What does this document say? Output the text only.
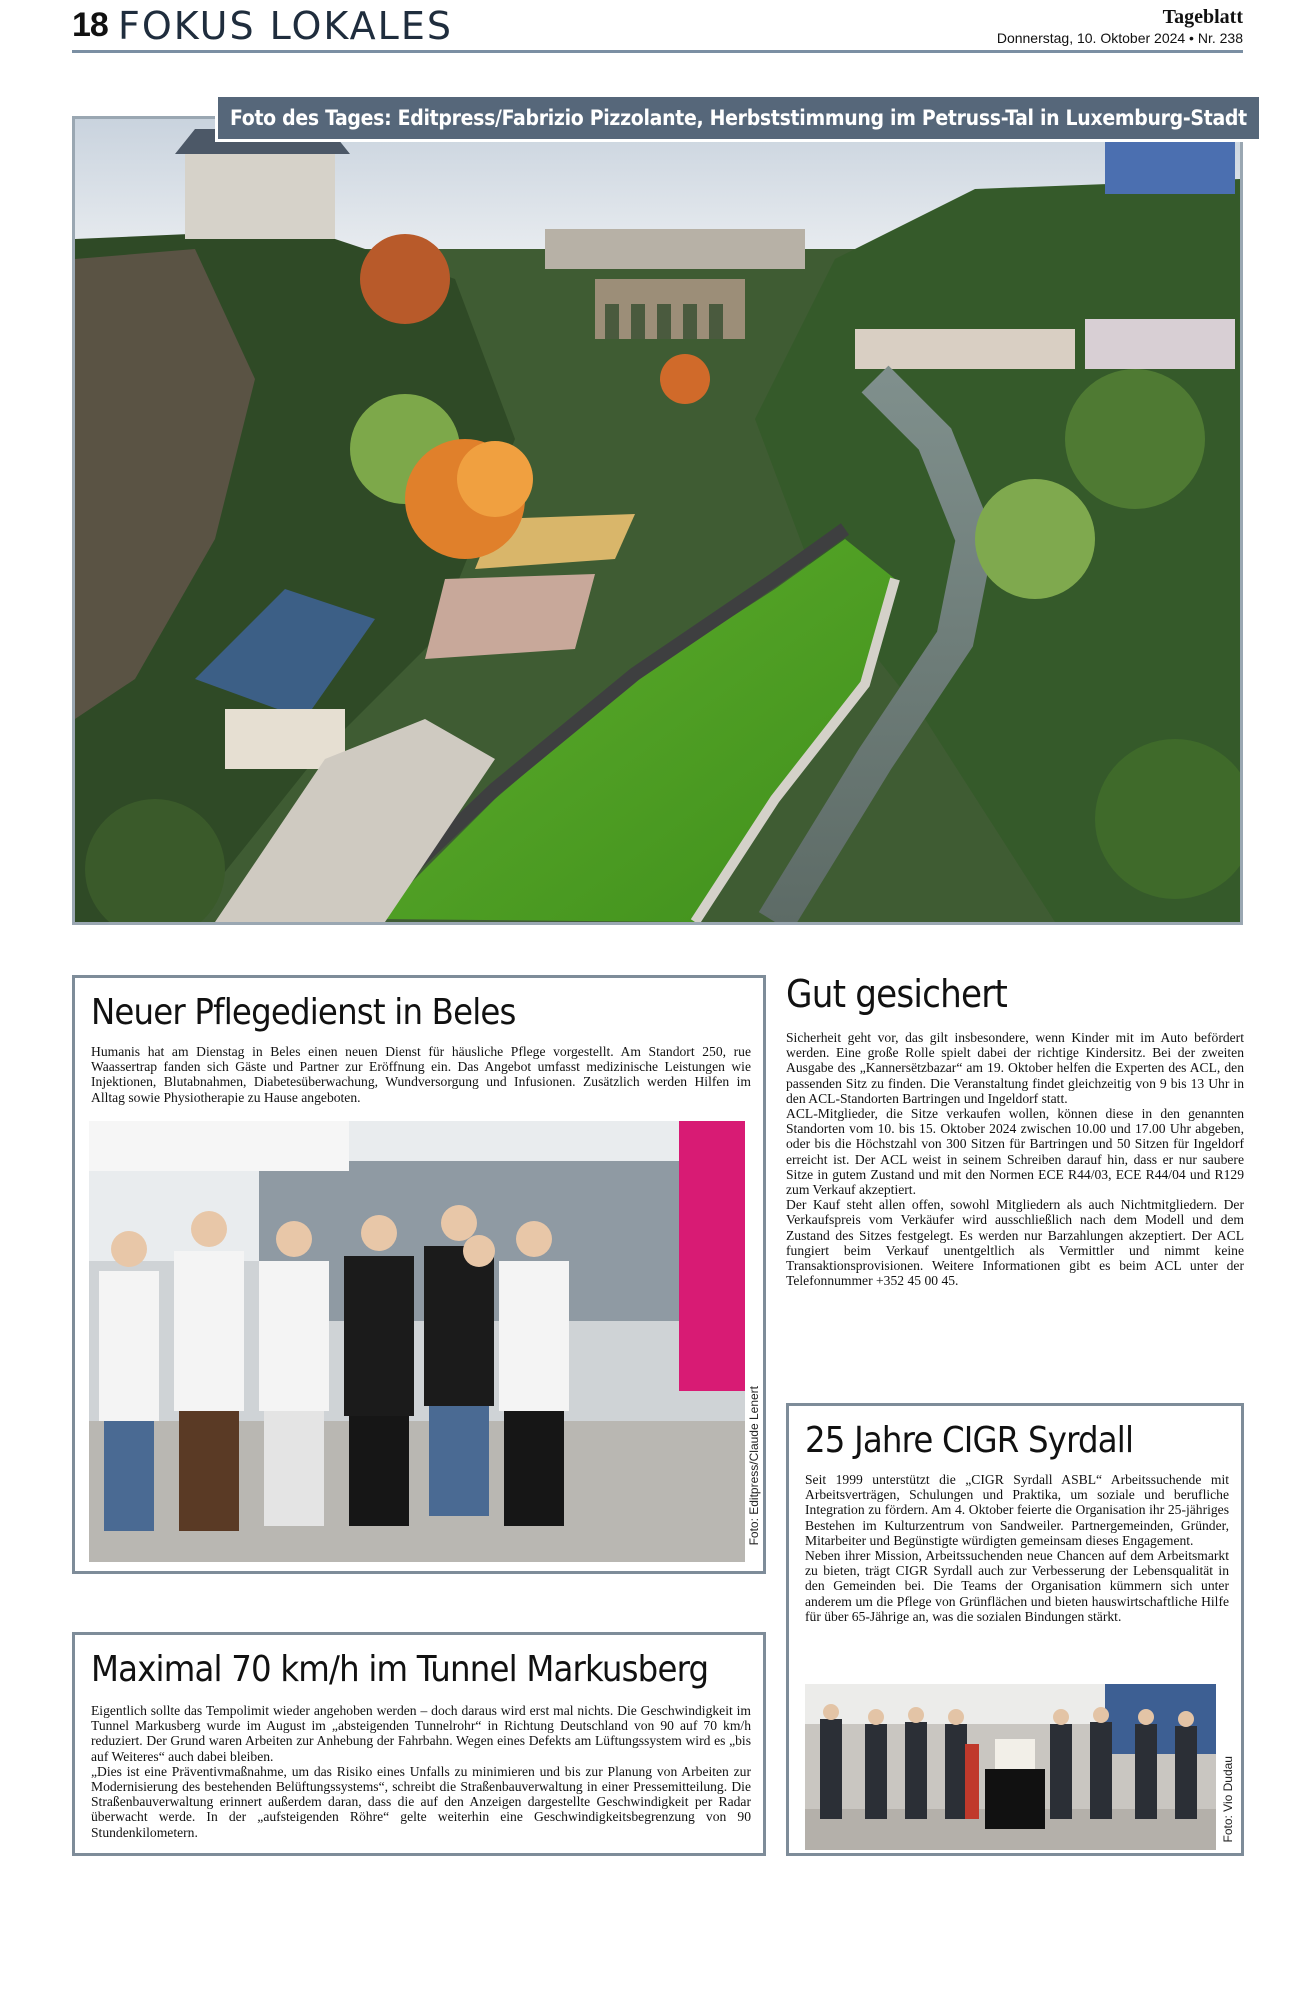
18 FOKUS LOKALES	Tageblatt
Donnerstag, 10. Oktober 2024 • Nr. 238
Foto des Tages: Editpress/Fabrizio Pizzolante, Herbststimmung im Petruss-Tal in Luxemburg-Stadt
Neuer Pflegedienst in Beles

Humanis hat am Dienstag in Beles einen neuen Dienst für häusliche Pflege vorgestellt. Am Standort 250, rue Waassertrap fanden sich Gäste und Partner zur Eröffnung ein. Das Angebot umfasst medizinische Leistungen wie Injektionen, Blutabnahmen, Diabetesüberwachung, Wundversorgung und Infusionen. Zusätzlich werden Hilfen im Alltag sowie Physiotherapie zu Hause angeboten.

Foto: Editpress/Claude Lenert
Gut gesichert

Sicherheit geht vor, das gilt insbesondere, wenn Kinder mit im Auto befördert werden. Eine große Rolle spielt dabei der richtige Kindersitz. Bei der zweiten Ausgabe des „Kannersëtzbazar“ am 19. Oktober helfen die Experten des ACL, den passenden Sitz zu finden. Die Veranstaltung findet gleichzeitig von 9 bis 13 Uhr in den ACL-Standorten Bartringen und Ingeldorf statt.

ACL-Mitglieder, die Sitze verkaufen wollen, können diese in den genannten Standorten vom 10. bis 15. Oktober 2024 zwischen 10.00 und 17.00 Uhr abgeben, oder bis die Höchstzahl von 300 Sitzen für Bartringen und 50 Sitzen für Ingeldorf erreicht ist. Der ACL weist in seinem Schreiben darauf hin, dass er nur saubere Sitze in gutem Zustand und mit den Normen ECE R44/03, ECE R44/04 und R129 zum Verkauf akzeptiert.

Der Kauf steht allen offen, sowohl Mitgliedern als auch Nichtmitgliedern. Der Verkaufspreis vom Verkäufer wird ausschließlich nach dem Modell und dem Zustand des Sitzes festgelegt. Es werden nur Barzahlungen akzeptiert. Der ACL fungiert beim Verkauf unentgeltlich als Vermittler und nimmt keine Transaktionsprovisionen. Weitere Informationen gibt es beim ACL unter der Telefonnummer +352 45 00 45.

25 Jahre CIGR Syrdall

Seit 1999 unterstützt die „CIGR Syrdall ASBL“ Arbeitssuchende mit Arbeitsverträgen, Schulungen und Praktika, um soziale und berufliche Integration zu fördern. Am 4. Oktober feierte die Organisation ihr 25-jähriges Bestehen im Kulturzentrum von Sandweiler. Partnergemeinden, Gründer, Mitarbeiter und Begünstigte würdigten gemeinsam dieses Engagement.

Neben ihrer Mission, Arbeitssuchenden neue Chancen auf dem Arbeitsmarkt zu bieten, trägt CIGR Syrdall auch zur Verbesserung der Lebensqualität in den Gemeinden bei. Die Teams der Organisation kümmern sich unter anderem um die Pflege von Grünflächen und bieten hauswirtschaftliche Hilfe für über 65-Jährige an, was die sozialen Bindungen stärkt.

Foto: Vio Dudau
Maximal 70 km/h im Tunnel Markusberg

Eigentlich sollte das Tempolimit wieder angehoben werden – doch daraus wird erst mal nichts. Die Geschwindigkeit im Tunnel Markusberg wurde im August im „absteigenden Tunnelrohr“ in Richtung Deutschland von 90 auf 70 km/h reduziert. Der Grund waren Arbeiten zur Anhebung der Fahrbahn. Wegen eines Defekts am Lüftungssystem wird es „bis auf Weiteres“ auch dabei bleiben.

„Dies ist eine Präventivmaßnahme, um das Risiko eines Unfalls zu minimieren und bis zur Planung von Arbeiten zur Modernisierung des bestehenden Belüftungssystems“, schreibt die Straßenbauverwaltung in einer Pressemitteilung. Die Straßenbauverwaltung erinnert außerdem daran, dass die auf den Anzeigen dargestellte Geschwindigkeit per Radar überwacht werde. In der „aufsteigenden Röhre“ gelte weiterhin eine Geschwindigkeitsbegrenzung von 90 Stundenkilometern.
